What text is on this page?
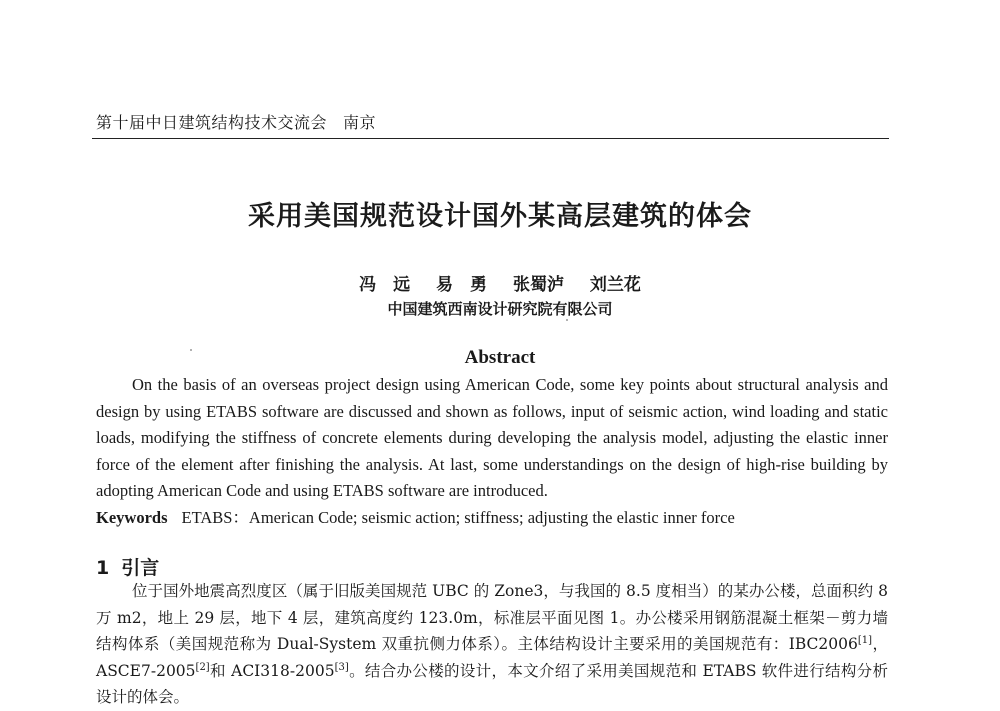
第十届中日建筑结构技术交流会 南京
采用美国规范设计国外某高层建筑的体会
冯　远 易　勇 张蜀泸 刘兰花
中国建筑西南设计研究院有限公司
Abstract

On the basis of an overseas project design using American Code, some key points about structural analysis and design by using ETABS software are discussed and shown as follows, input of seismic action, wind loading and static loads, modifying the stiffness of concrete elements during developing the analysis model, adjusting the elastic inner force of the element after finishing the analysis. At last, some understandings on the design of high-rise building by adopting American Code and using ETABS software are introduced.

Keywords ETABS：American Code; seismic action; stiffness; adjusting the elastic inner force
1 引言

位于国外地震高烈度区（属于旧版美国规范 UBC 的 Zone3，与我国的 8.5 度相当）的某办公楼，总面积约 8 万 m2，地上 29 层，地下 4 层，建筑高度约 123.0m，标准层平面见图 1。办公楼采用钢筋混凝土框架－剪力墙结构体系（美国规范称为 Dual-System 双重抗侧力体系）。主体结构设计主要采用的美国规范有：IBC2006[1]，ASCE7-2005[2]和 ACI318-2005[3]。结合办公楼的设计，本文介绍了采用美国规范和 ETABS 软件进行结构分析设计的体会。
